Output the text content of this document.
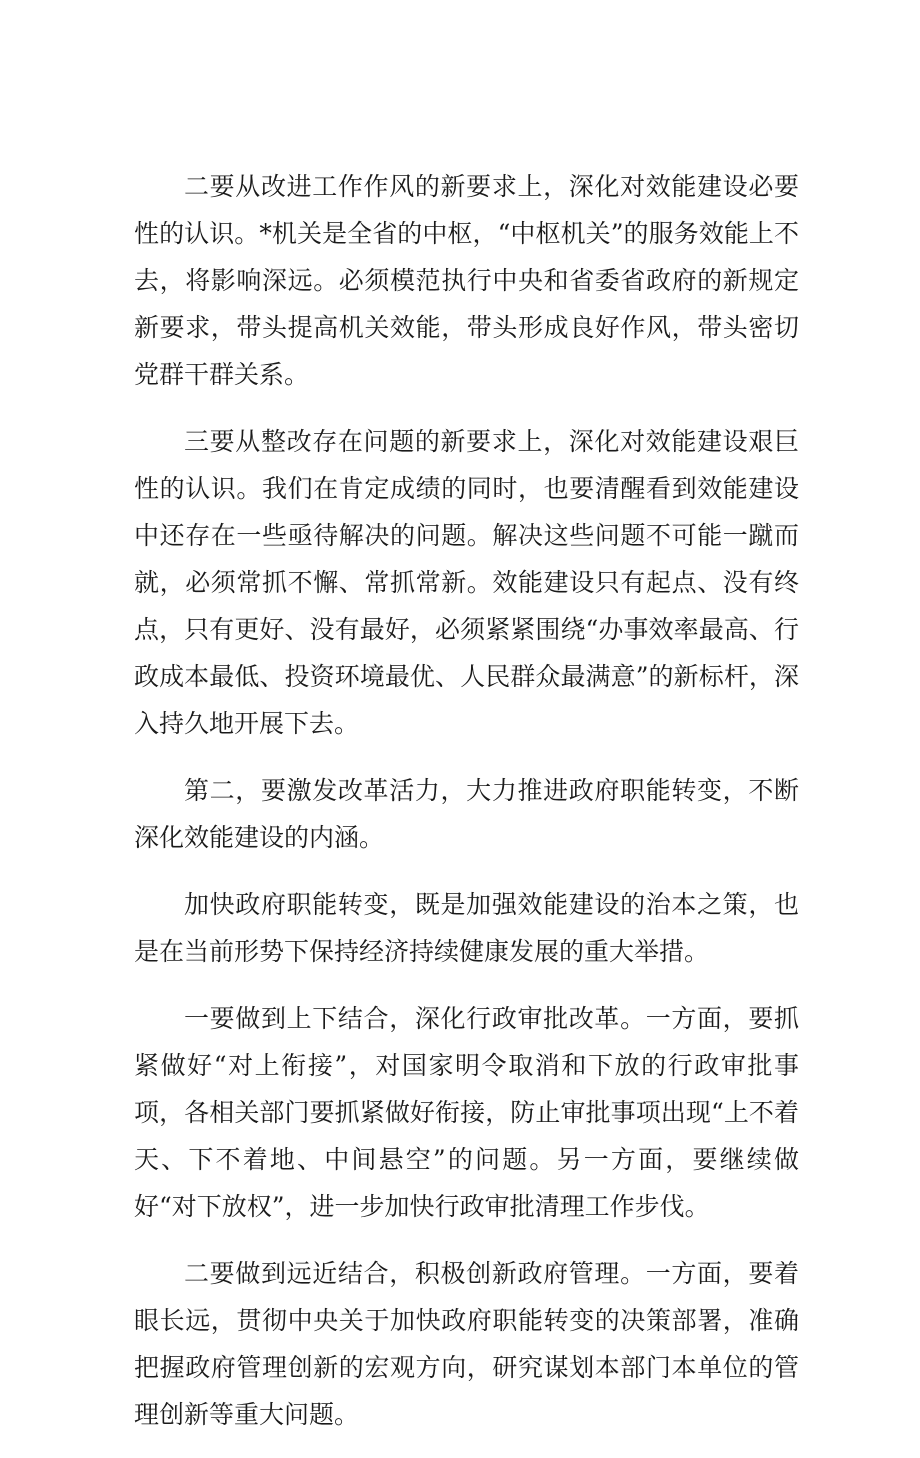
二要从改进工作作风的新要求上，深化对效能建设必要性的认识。*机关是全省的中枢，“中枢机关”的服务效能上不去，将影响深远。必须模范执行中央和省委省政府的新规定新要求，带头提高机关效能，带头形成良好作风，带头密切党群干群关系。

三要从整改存在问题的新要求上，深化对效能建设艰巨性的认识。我们在肯定成绩的同时，也要清醒看到效能建设中还存在一些亟待解决的问题。解决这些问题不可能一蹴而就，必须常抓不懈、常抓常新。效能建设只有起点、没有终点，只有更好、没有最好，必须紧紧围绕“办事效率最高、行政成本最低、投资环境最优、人民群众最满意”的新标杆，深入持久地开展下去。

第二，要激发改革活力，大力推进政府职能转变，不断深化效能建设的内涵。

加快政府职能转变，既是加强效能建设的治本之策，也是在当前形势下保持经济持续健康发展的重大举措。

一要做到上下结合，深化行政审批改革。一方面，要抓紧做好“对上衔接”，对国家明令取消和下放的行政审批事项，各相关部门要抓紧做好衔接，防止审批事项出现“上不着天、下不着地、中间悬空”的问题。另一方面，要继续做好“对下放权”，进一步加快行政审批清理工作步伐。

二要做到远近结合，积极创新政府管理。一方面，要着眼长远，贯彻中央关于加快政府职能转变的决策部署，准确把握政府管理创新的宏观方向，研究谋划本部门本单位的管理创新等重大问题。
